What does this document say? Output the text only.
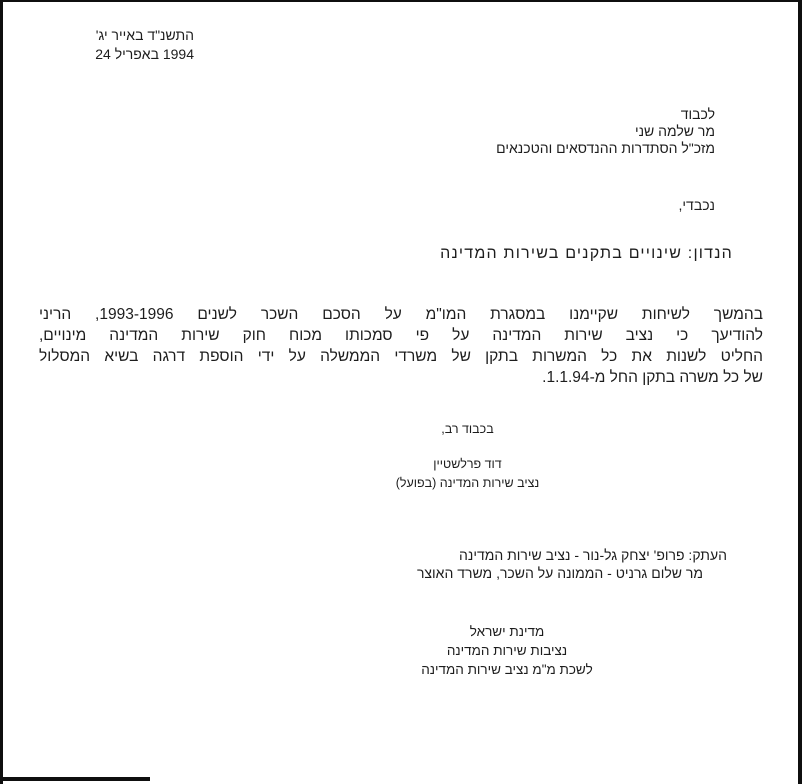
התשנ"ד באייר יג'
1994 באפריל 24
לכבוד
מר שלמה שני
מזכ"ל הסתדרות ההנדסאים והטכנאים
נכבדי,
הנדון: שינויים בתקנים בשירות המדינה
בהמשך לשיחות שקיימנו במסגרת המו"מ על הסכם השכר לשנים 1993-1996, הריני
להודיעך כי נציב שירות המדינה על פי סמכותו מכוח חוק שירות המדינה מינויים,
החליט לשנות את כל המשרות בתקן של משרדי הממשלה על ידי הוספת דרגה בשיא המסלול
של כל משרה בתקן החל מ-1.1.94.
בכבוד רב,
דוד פרלשטיין
נציב שירות המדינה (בפועל)
העתק: פרופ' יצחק גל-נור - נציב שירות המדינה
מר שלום גרניט - הממונה על השכר, משרד האוצר
מדינת ישראל
נציבות שירות המדינה
לשכת מ"מ נציב שירות המדינה
